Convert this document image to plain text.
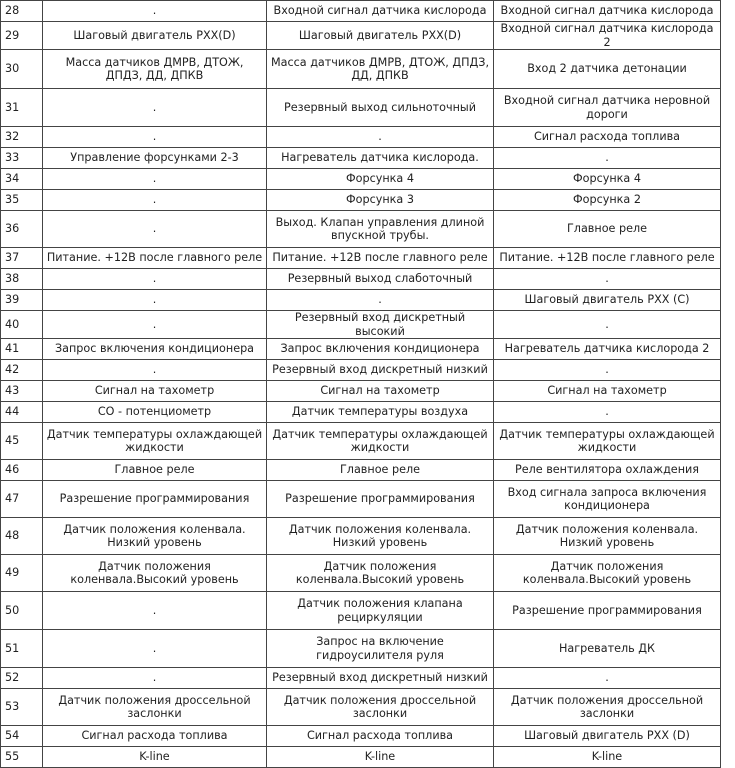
28	.	Входной сигнал датчика кислорода	Входной сигнал датчика кислорода
29	Шаговый двигатель РХХ(D)	Шаговый двигатель РХХ(D)	Входной сигнал датчика кислорода 2
30	Масса датчиков ДМРВ, ДТОЖ, ДПДЗ, ДД, ДПКВ	Масса датчиков ДМРВ, ДТОЖ, ДПДЗ, ДД, ДПКВ	Вход 2 датчика детонации
31	.	Резервный выход сильноточный	Входной сигнал датчика неровной дороги
32	.	.	Сигнал расхода топлива
33	Управление форсунками 2-3	Нагреватель датчика кислорода.	.
34	.	Форсунка 4	Форсунка 4
35	.	Форсунка 3	Форсунка 2
36	.	Выход. Клапан управления длиной впускной трубы.	Главное реле
37	Питание. +12В после главного реле	Питание. +12В после главного реле	Питание. +12В после главного реле
38	.	Резервный выход слаботочный	.
39	.	.	Шаговый двигатель РХХ (C)
40	.	Резервный вход дискретный высокий	.
41	Запрос включения кондиционера	Запрос включения кондиционера	Нагреватель датчика кислорода 2
42	.	Резервный вход дискретный низкий	.
43	Сигнал на тахометр	Сигнал на тахометр	Сигнал на тахометр
44	СО - потенциометр	Датчик температуры воздуха	.
45	Датчик температуры охлаждающей жидкости	Датчик температуры охлаждающей жидкости	Датчик температуры охлаждающей жидкости
46	Главное реле	Главное реле	Реле вентилятора охлаждения
47	Разрешение программирования	Разрешение программирования	Вход сигнала запроса включения кондиционера
48	Датчик положения коленвала. Низкий уровень	Датчик положения коленвала. Низкий уровень	Датчик положения коленвала. Низкий уровень
49	Датчик положения коленвала.Высокий уровень	Датчик положения коленвала.Высокий уровень	Датчик положения коленвала.Высокий уровень
50	.	Датчик положения клапана рециркуляции	Разрешение программирования
51	.	Запрос на включение гидроусилителя руля	Нагреватель ДК
52	.	Резервный вход дискретный низкий	.
53	Датчик положения дроссельной заслонки	Датчик положения дроссельной заслонки	Датчик положения дроссельной заслонки
54	Сигнал расхода топлива	Сигнал расхода топлива	Шаговый двигатель РХХ (D)
55	K-line	K-line	K-line
